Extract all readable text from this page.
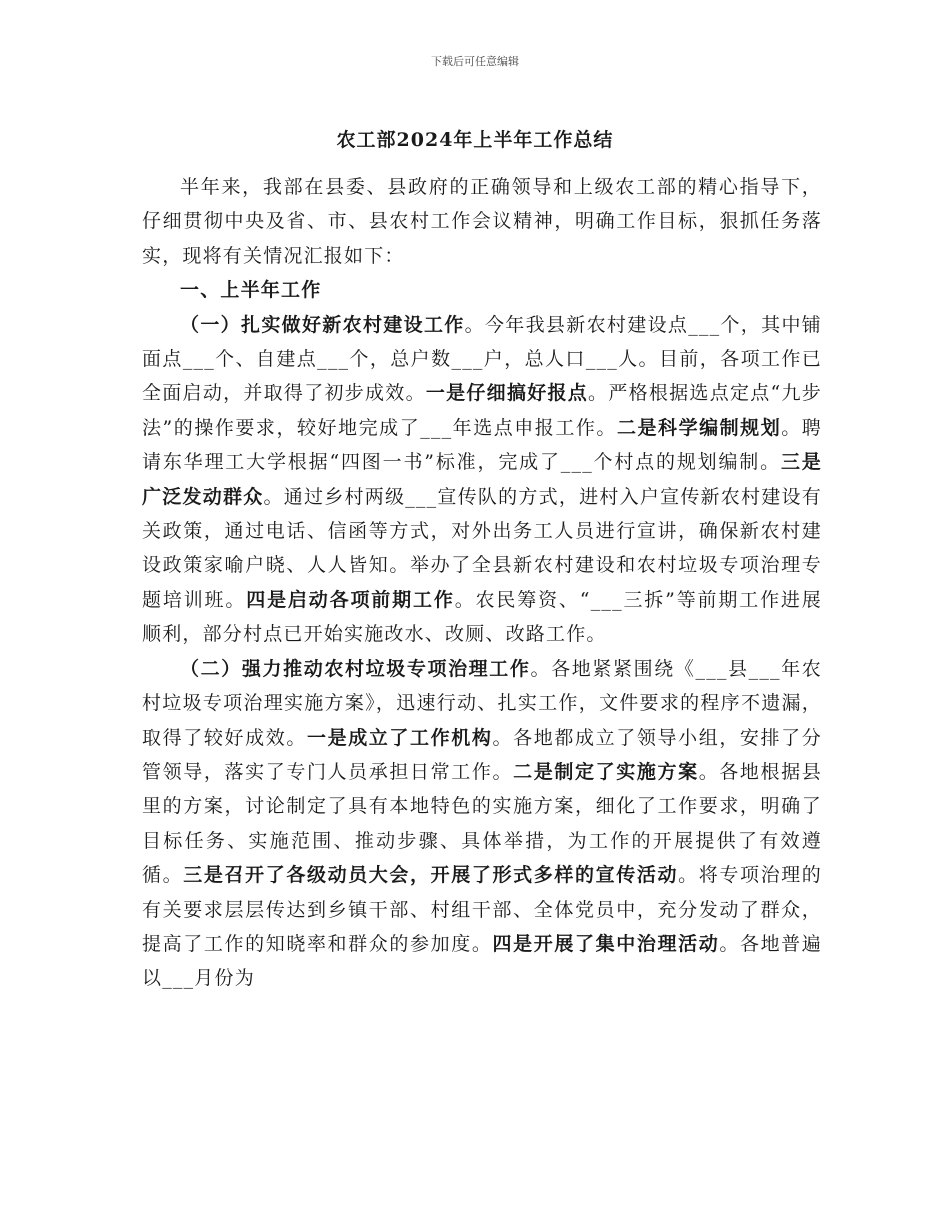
下载后可任意编辑
农工部2024年上半年工作总结

半年来，我部在县委、县政府的正确领导和上级农工部的精心指导下，仔细贯彻中央及省、市、县农村工作会议精神，明确工作目标，狠抓任务落实，现将有关情况汇报如下：

一、上半年工作

（一）扎实做好新农村建设工作。今年我县新农村建设点___个，其中铺面点___个、自建点___个，总户数___户，总人口___人。目前，各项工作已全面启动，并取得了初步成效。一是仔细搞好报点。严格根据选点定点“九步法”的操作要求，较好地完成了___年选点申报工作。二是科学编制规划。聘请东华理工大学根据“四图一书”标准，完成了___个村点的规划编制。三是广泛发动群众。通过乡村两级___宣传队的方式，进村入户宣传新农村建设有关政策，通过电话、信函等方式，对外出务工人员进行宣讲，确保新农村建设政策家喻户晓、人人皆知。举办了全县新农村建设和农村垃圾专项治理专题培训班。四是启动各项前期工作。农民筹资、“___三拆”等前期工作进展顺利，部分村点已开始实施改水、改厕、改路工作。

（二）强力推动农村垃圾专项治理工作。各地紧紧围绕《___县___年农村垃圾专项治理实施方案》，迅速行动、扎实工作，文件要求的程序不遗漏，取得了较好成效。一是成立了工作机构。各地都成立了领导小组，安排了分管领导，落实了专门人员承担日常工作。二是制定了实施方案。各地根据县里的方案，讨论制定了具有本地特色的实施方案，细化了工作要求，明确了目标任务、实施范围、推动步骤、具体举措，为工作的开展提供了有效遵循。三是召开了各级动员大会，开展了形式多样的宣传活动。将专项治理的有关要求层层传达到乡镇干部、村组干部、全体党员中，充分发动了群众，提高了工作的知晓率和群众的参加度。四是开展了集中治理活动。各地普遍以___月份为
